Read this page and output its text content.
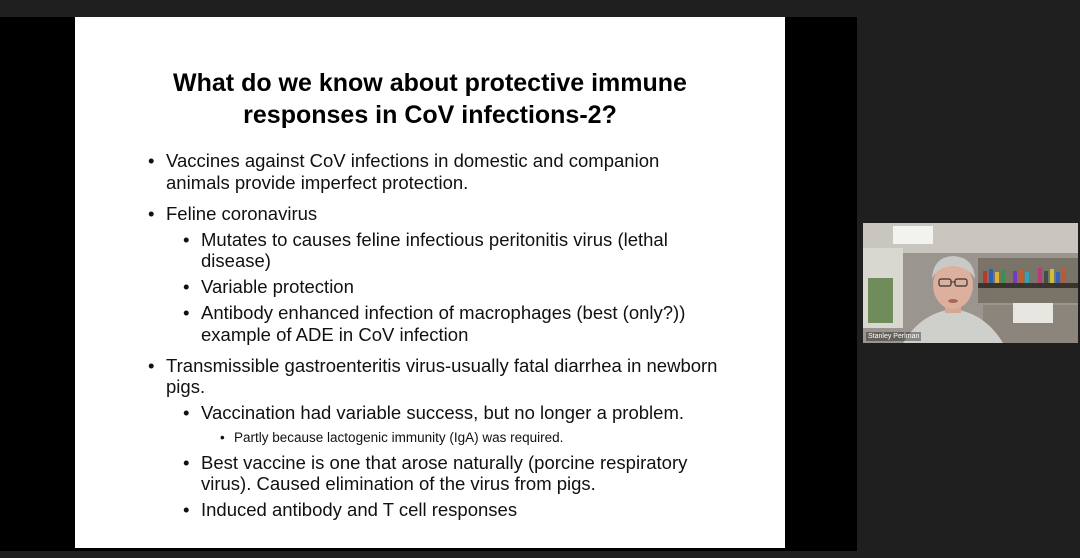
What do we know about protective immune
responses in CoV infections-2?
• Vaccines against CoV infections in domestic and companion
animals provide imperfect protection.
• Feline coronavirus
• Mutates to causes feline infectious peritonitis virus (lethal
disease)
• Variable protection
• Antibody enhanced infection of macrophages (best (only?))
example of ADE in CoV infection
• Transmissible gastroenteritis virus-usually fatal diarrhea in newborn
pigs.
• Vaccination had variable success, but no longer a problem.
• Partly because lactogenic immunity (IgA) was required.
• Best vaccine is one that arose naturally (porcine respiratory
virus). Caused elimination of the virus from pigs.
• Induced antibody and T cell responses
Stanley Perlman
